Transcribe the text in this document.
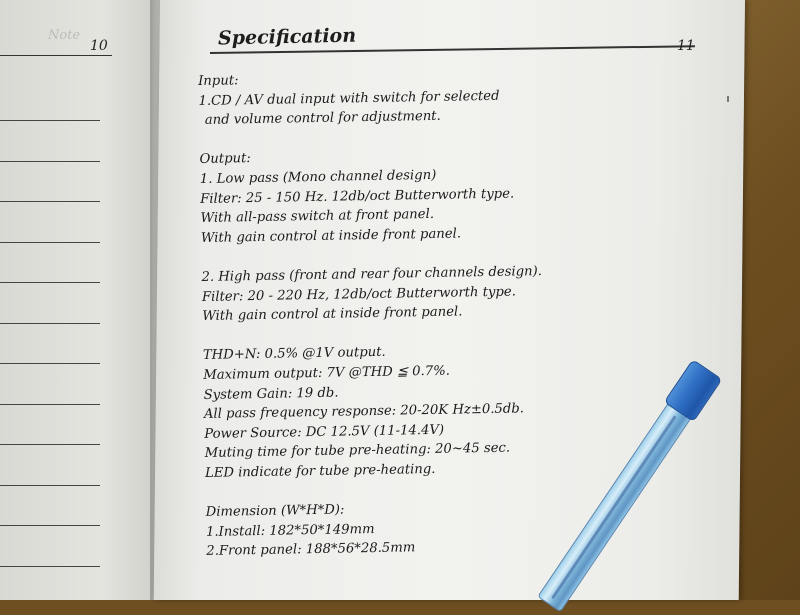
Note
10	Specification	11
Input:
1.CD / AV dual input with switch for selected
and volume control for adjustment.
Output:
1. Low pass (Mono channel design)
Filter: 25 - 150 Hz. 12db/oct Butterworth type.
With all-pass switch at front panel.
With gain control at inside front panel.
2. High pass (front and rear four channels design).
Filter: 20 - 220 Hz, 12db/oct Butterworth type.
With gain control at inside front panel.
THD+N: 0.5% @1V output.
Maximum output: 7V @THD ≦ 0.7%.
System Gain: 19 db.
All pass frequency response: 20-20K Hz±0.5db.
Power Source: DC 12.5V (11-14.4V)
Muting time for tube pre-heating: 20~45 sec.
LED indicate for tube pre-heating.
Dimension (W*H*D):
1.Install: 182*50*149mm
2.Front panel: 188*56*28.5mm
